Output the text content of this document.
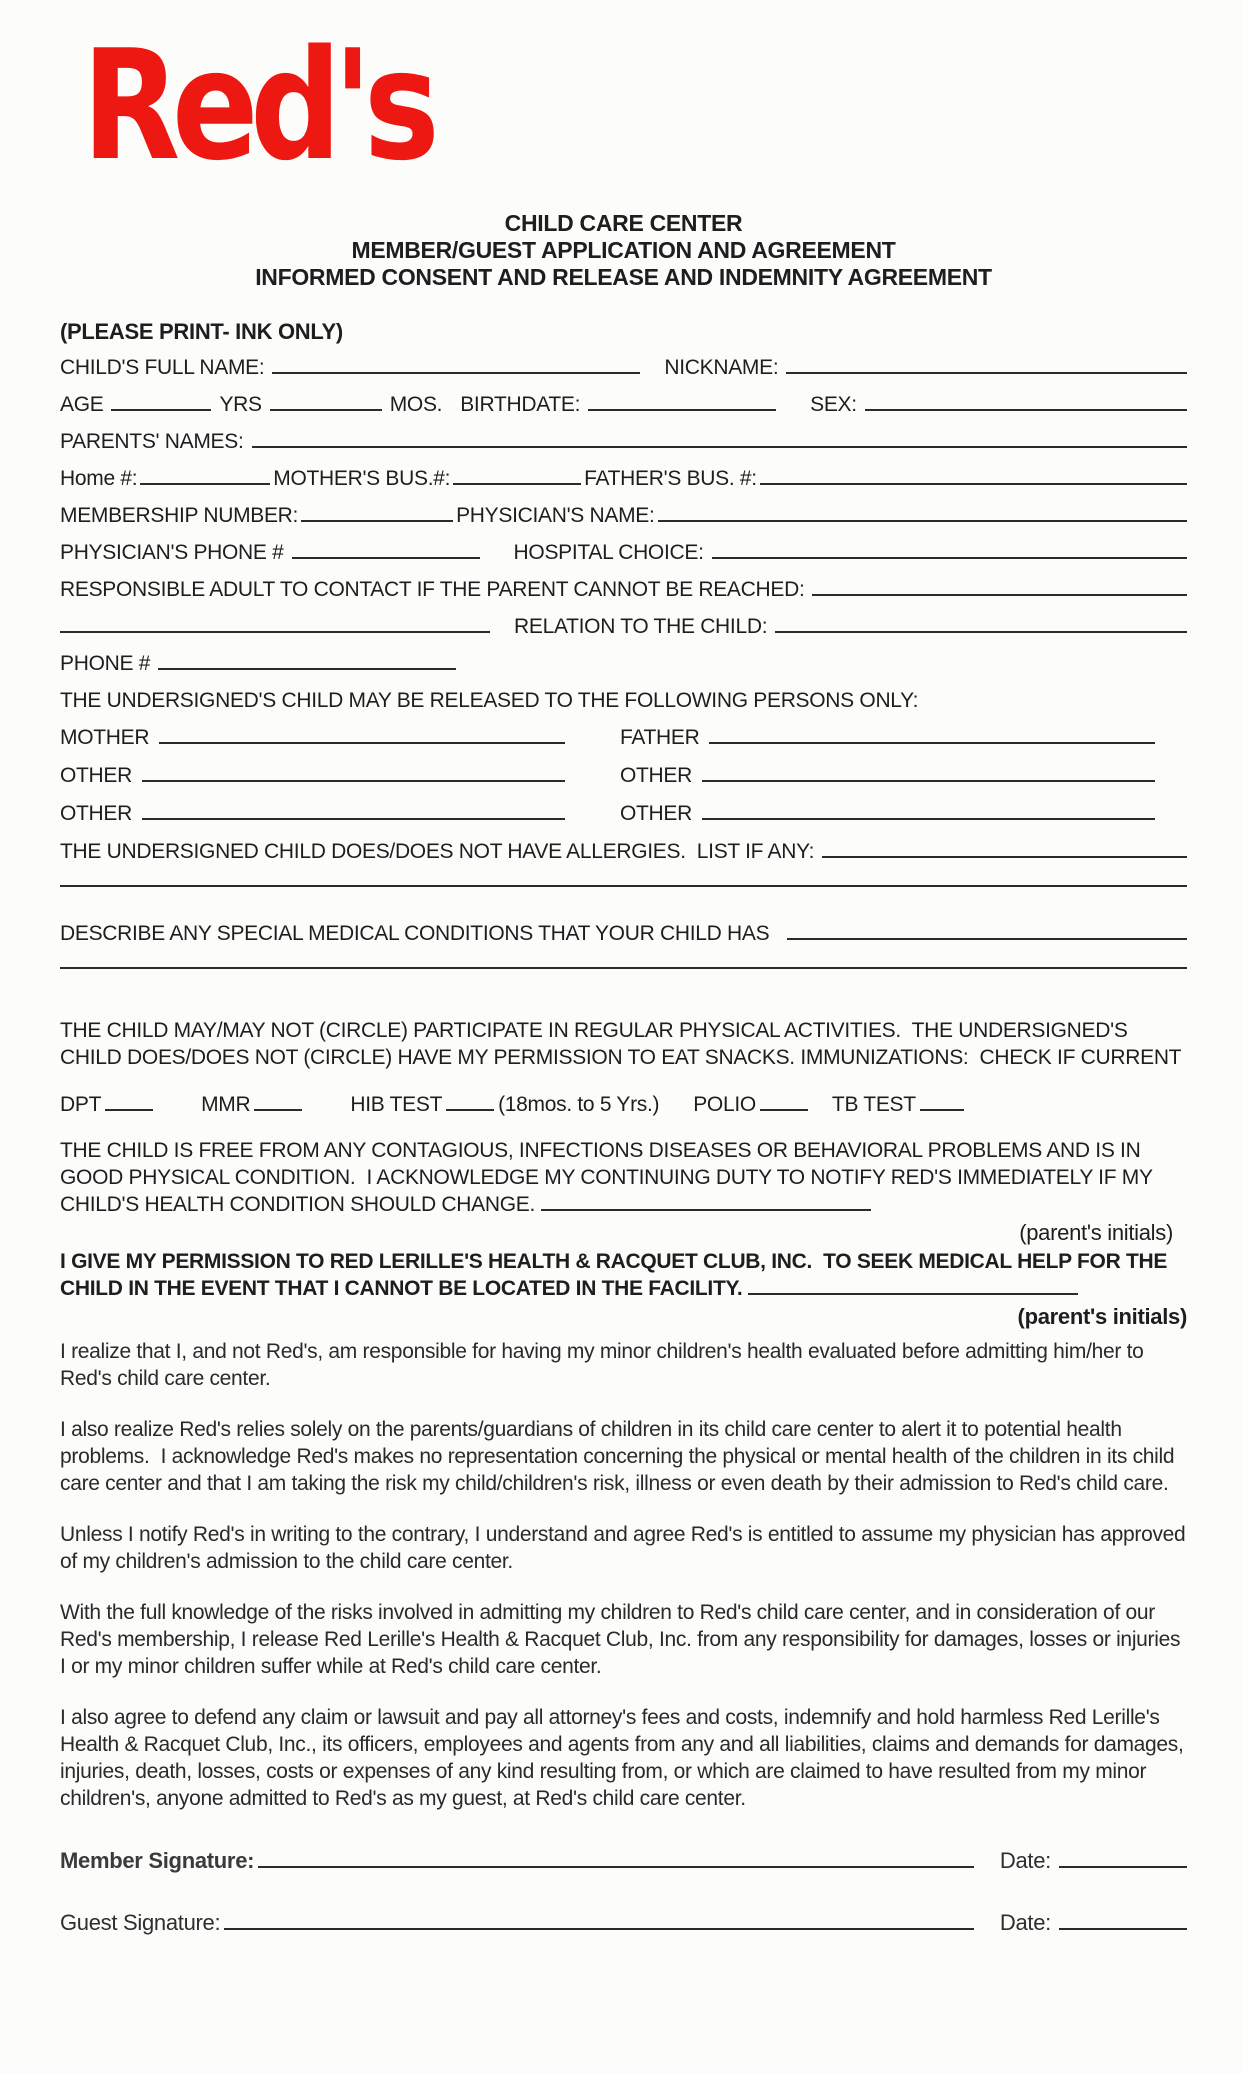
Red's
CHILD CARE CENTER
MEMBER/GUEST APPLICATION AND AGREEMENT
INFORMED CONSENT AND RELEASE AND INDEMNITY AGREEMENT
(PLEASE PRINT- INK ONLY)
CHILD'S FULL NAME:	NICKNAME:
AGE	YRS	MOS. BIRTHDATE:	SEX:
PARENTS' NAMES:
Home #:	MOTHER'S BUS.#:	FATHER'S BUS. #:
MEMBERSHIP NUMBER:	PHYSICIAN'S NAME:
PHYSICIAN'S PHONE #	HOSPITAL CHOICE:
RESPONSIBLE ADULT TO CONTACT IF THE PARENT CANNOT BE REACHED:
RELATION TO THE CHILD:
PHONE #
THE UNDERSIGNED'S CHILD MAY BE RELEASED TO THE FOLLOWING PERSONS ONLY:
MOTHER	FATHER
OTHER	OTHER
OTHER	OTHER
THE UNDERSIGNED CHILD DOES/DOES NOT HAVE ALLERGIES.  LIST IF ANY:
DESCRIBE ANY SPECIAL MEDICAL CONDITIONS THAT YOUR CHILD HAS
THE CHILD MAY/MAY NOT (CIRCLE) PARTICIPATE IN REGULAR PHYSICAL ACTIVITIES.  THE UNDERSIGNED'S CHILD DOES/DOES NOT (CIRCLE) HAVE MY PERMISSION TO EAT SNACKS. IMMUNIZATIONS:  CHECK IF CURRENT
DPT	MMR	HIB TEST	(18mos. to 5 Yrs.) POLIO	TB TEST
THE CHILD IS FREE FROM ANY CONTAGIOUS, INFECTIONS DISEASES OR BEHAVIORAL PROBLEMS AND IS IN GOOD PHYSICAL CONDITION.  I ACKNOWLEDGE MY CONTINUING DUTY TO NOTIFY RED'S IMMEDIATELY IF MY CHILD'S HEALTH CONDITION SHOULD CHANGE.
(parent's initials)
I GIVE MY PERMISSION TO RED LERILLE'S HEALTH & RACQUET CLUB, INC.  TO SEEK MEDICAL HELP FOR THE CHILD IN THE EVENT THAT I CANNOT BE LOCATED IN THE FACILITY.
(parent's initials)
I realize that I, and not Red's, am responsible for having my minor children's health evaluated before admitting him/her to Red's child care center.
I also realize Red's relies solely on the parents/guardians of children in its child care center to alert it to potential health problems.  I acknowledge Red's makes no representation concerning the physical or mental health of the children in its child care center and that I am taking the risk my child/children's risk, illness or even death by their admission to Red's child care.
Unless I notify Red's in writing to the contrary, I understand and agree Red's is entitled to assume my physician has approved of my children's admission to the child care center.
With the full knowledge of the risks involved in admitting my children to Red's child care center, and in consideration of our Red's membership, I release Red Lerille's Health & Racquet Club, Inc. from any responsibility for damages, losses or injuries I or my minor children suffer while at Red's child care center.
I also agree to defend any claim or lawsuit and pay all attorney's fees and costs, indemnify and hold harmless Red Lerille's Health & Racquet Club, Inc., its officers, employees and agents from any and all liabilities, claims and demands for damages, injuries, death, losses, costs or expenses of any kind resulting from, or which are claimed to have resulted from my minor children's, anyone admitted to Red's as my guest, at Red's child care center.
Member Signature:	Date:
Guest Signature:	Date:
